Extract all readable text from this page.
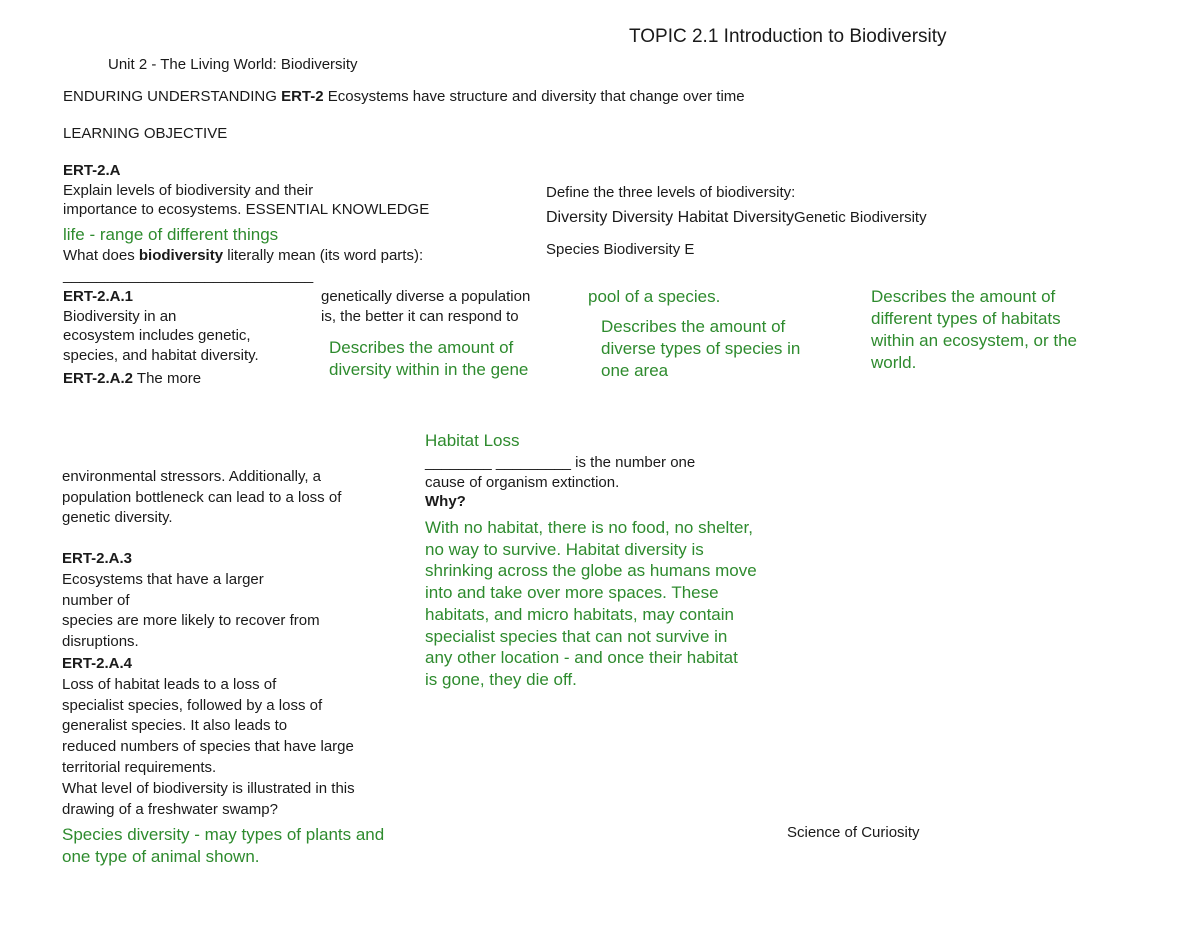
TOPIC 2.1 Introduction to Biodiversity
Unit 2 - The Living World: Biodiversity
ENDURING UNDERSTANDING ERT-2 Ecosystems have structure and diversity that change over time
LEARNING OBJECTIVE
ERT-2.A
Explain levels of biodiversity and their
importance to ecosystems. ESSENTIAL KNOWLEDGE
Define the three levels of biodiversity:
Diversity Diversity Habitat DiversityGenetic Biodiversity
Species Biodiversity E
life - range of different things
What does biodiversity literally mean (its word parts):
______________________________
ERT-2.A.1
Biodiversity in an
ecosystem includes genetic,
species, and habitat diversity.
ERT-2.A.2 The more
genetically diverse a population
is, the better it can respond to
Describes the amount of
diversity within in the gene
pool of a species.
Describes the amount of
diverse types of species in
one area
Describes the amount of
different types of habitats
within an ecosystem, or the
world.
Habitat Loss
________ _________ is the number one
cause of organism extinction.
Why?
With no habitat, there is no food, no shelter,
no way to survive. Habitat diversity is
shrinking across the globe as humans move
into and take over more spaces. These
habitats, and micro habitats, may contain
specialist species that can not survive in
any other location - and once their habitat
is gone, they die off.
environmental stressors. Additionally, a
population bottleneck can lead to a loss of
genetic diversity.
ERT-2.A.3
Ecosystems that have a larger
number of
species are more likely to recover from
disruptions.
ERT-2.A.4
Loss of habitat leads to a loss of
specialist species, followed by a loss of
generalist species. It also leads to
reduced numbers of species that have large
territorial requirements.
What level of biodiversity is illustrated in this
drawing of a freshwater swamp?
Species diversity - may types of plants and
one type of animal shown.
Science of Curiosity
